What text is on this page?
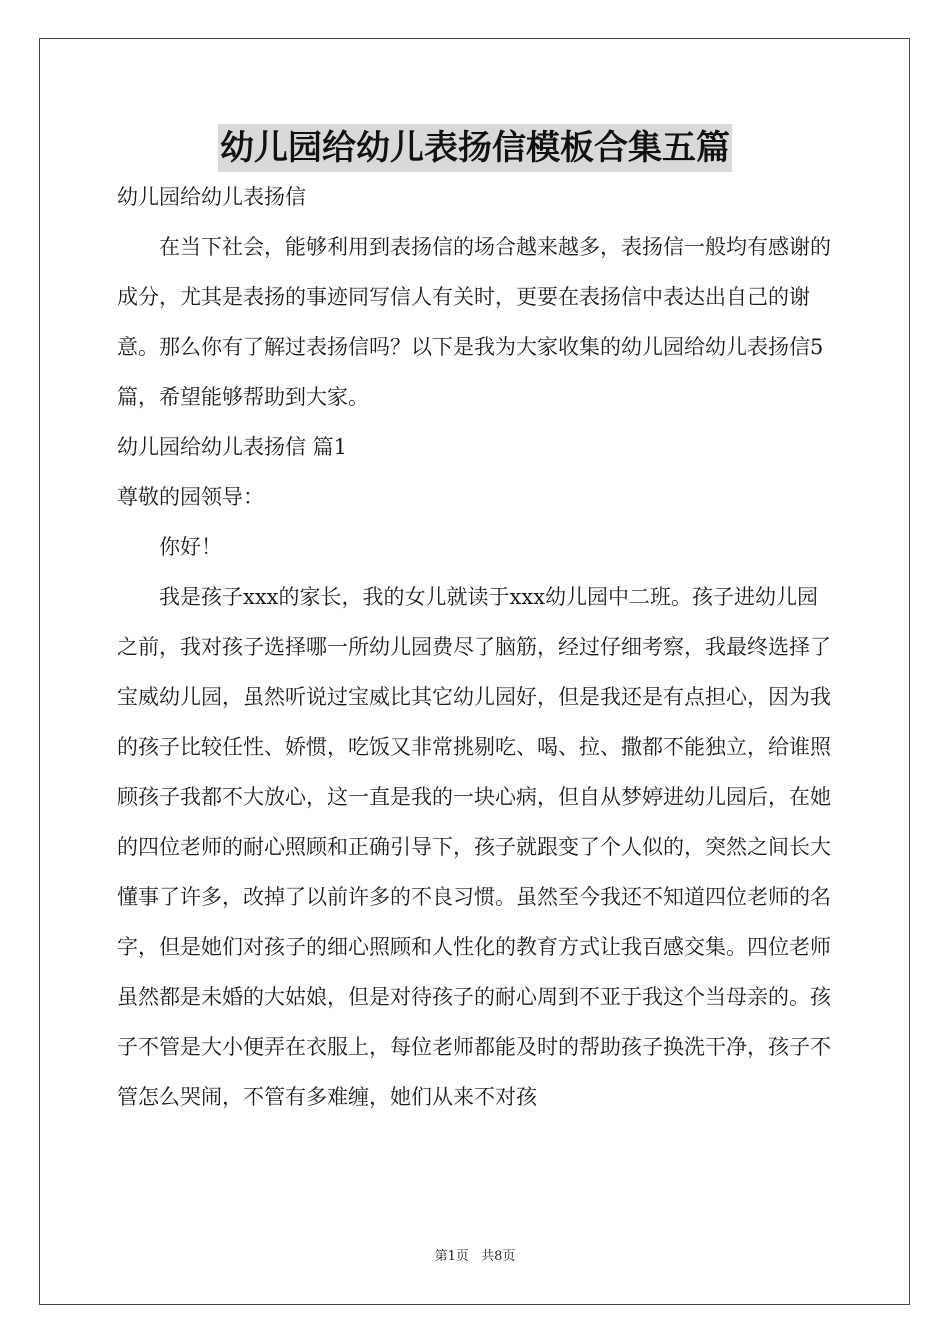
幼儿园给幼儿表扬信模板合集五篇

幼儿园给幼儿表扬信

在当下社会，能够利用到表扬信的场合越来越多，表扬信一般均有感谢的成分，尤其是表扬的事迹同写信人有关时，更要在表扬信中表达出自己的谢意。那么你有了解过表扬信吗？以下是我为大家收集的幼儿园给幼儿表扬信5篇，希望能够帮助到大家。

幼儿园给幼儿表扬信 篇1

尊敬的园领导：

你好！

我是孩子xxx的家长，我的女儿就读于xxx幼儿园中二班。孩子进幼儿园之前，我对孩子选择哪一所幼儿园费尽了脑筋，经过仔细考察，我最终选择了宝威幼儿园，虽然听说过宝威比其它幼儿园好，但是我还是有点担心，因为我的孩子比较任性、娇惯，吃饭又非常挑剔吃、喝、拉、撒都不能独立，给谁照顾孩子我都不大放心，这一直是我的一块心病，但自从梦婷进幼儿园后，在她的四位老师的耐心照顾和正确引导下，孩子就跟变了个人似的，突然之间长大懂事了许多，改掉了以前许多的不良习惯。虽然至今我还不知道四位老师的名字，但是她们对孩子的细心照顾和人性化的教育方式让我百感交集。四位老师虽然都是未婚的大姑娘，但是对待孩子的耐心周到不亚于我这个当母亲的。孩子不管是大小便弄在衣服上，每位老师都能及时的帮助孩子换洗干净，孩子不管怎么哭闹，不管有多难缠，她们从来不对孩

第1页 共8页
